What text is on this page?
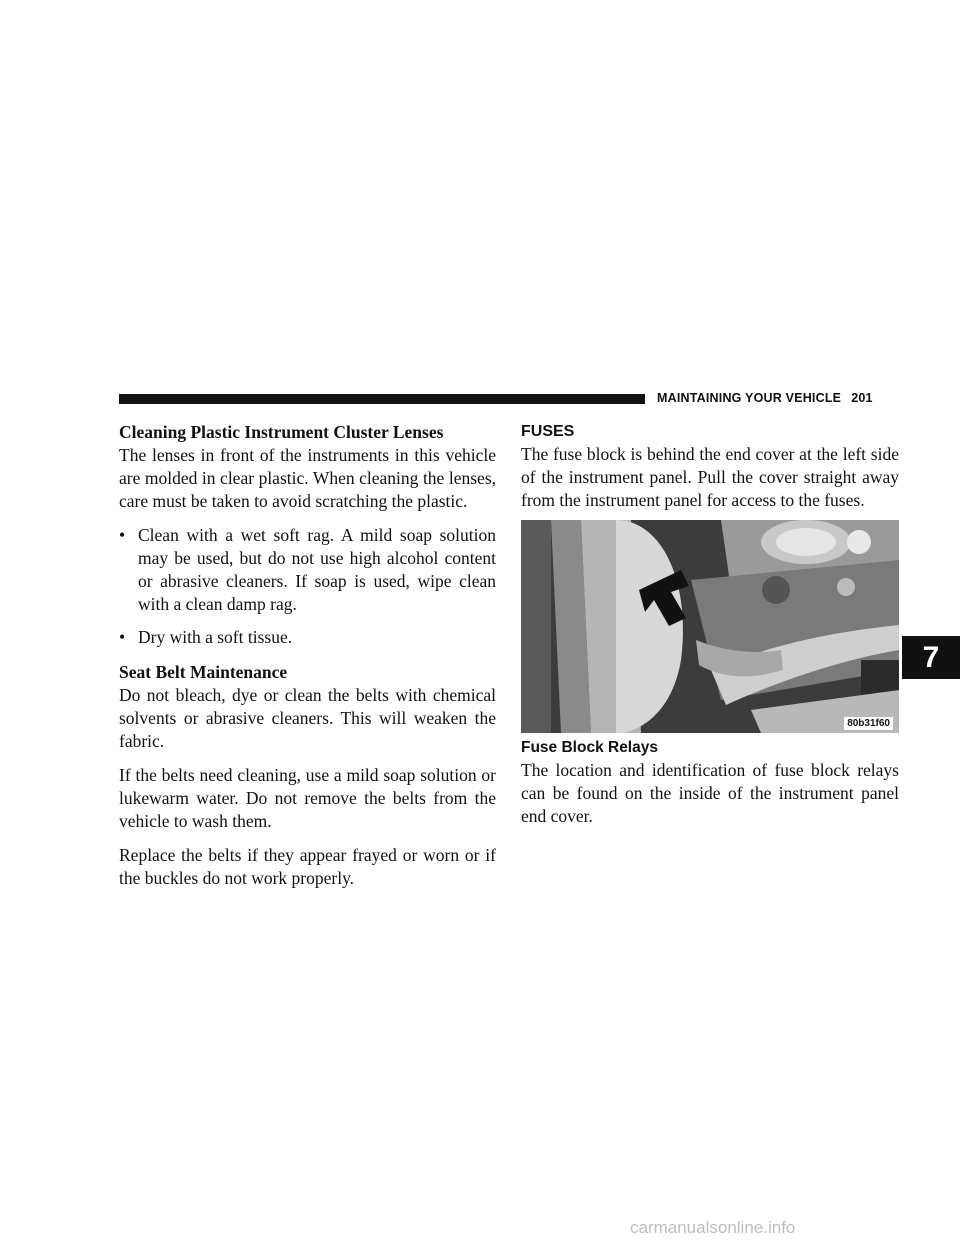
MAINTAINING YOUR VEHICLE 201
Cleaning Plastic Instrument Cluster Lenses

The lenses in front of the instruments in this vehicle are molded in clear plastic. When cleaning the lenses, care must be taken to avoid scratching the plastic.

• Clean with a wet soft rag. A mild soap solution may be used, but do not use high alcohol content or abrasive cleaners. If soap is used, wipe clean with a clean damp rag.
• Dry with a soft tissue.
Seat Belt Maintenance

Do not bleach, dye or clean the belts with chemical solvents or abrasive cleaners. This will weaken the fabric.

If the belts need cleaning, use a mild soap solution or lukewarm water. Do not remove the belts from the vehicle to wash them.

Replace the belts if they appear frayed or worn or if the buckles do not work properly.

FUSES

The fuse block is behind the end cover at the left side of the instrument panel. Pull the cover straight away from the instrument panel for access to the fuses.

80b31f60
Fuse Block Relays

The location and identification of fuse block relays can be found on the inside of the instrument panel end cover.

7
carmanualsonline.info
